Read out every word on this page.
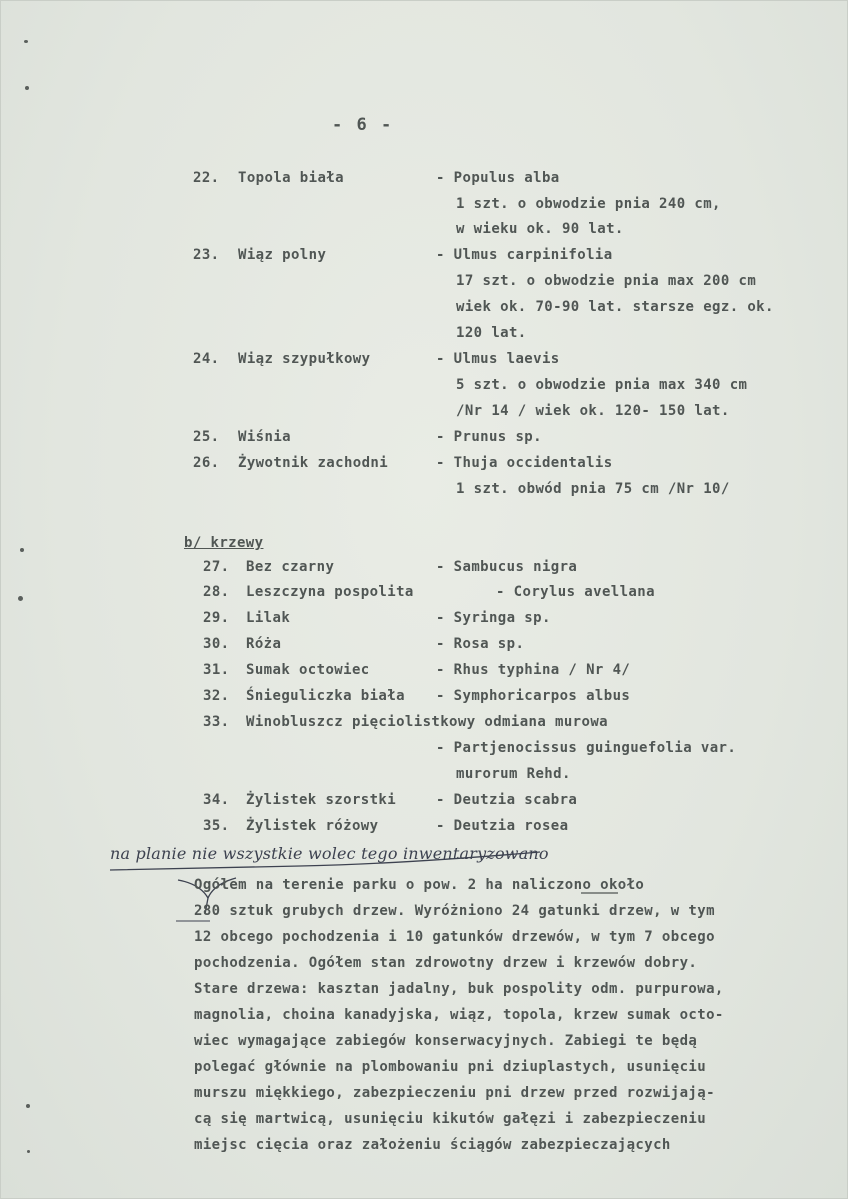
- 6 -
22. Topola biała	- Populus alba
1 szt. o obwodzie pnia 240 cm,
w wieku ok. 90 lat.
23. Wiąz polny	- Ulmus carpinifolia
17 szt. o obwodzie pnia max 200 cm
wiek ok. 70-90 lat. starsze egz. ok.
120 lat.
24. Wiąz szypułkowy	- Ulmus laevis
5 szt. o obwodzie pnia max 340 cm
/Nr 14 / wiek ok. 120- 150 lat.
25. Wiśnia	- Prunus sp.
26. Żywotnik zachodni	- Thuja occidentalis
1 szt. obwód pnia 75 cm /Nr 10/
b/ krzewy
27. Bez czarny	- Sambucus nigra
28. Leszczyna pospolita	- Corylus avellana
29. Lilak	- Syringa sp.
30. Róża	- Rosa sp.
31. Sumak octowiec	- Rhus typhina / Nr 4/
32. Śnieguliczka biała - Symphoricarpos albus
33. Winobluszcz pięciolistkowy odmiana murowa
- Partjenocissus guinguefolia var.
murorum Rehd.
34. Żylistek szorstki	- Deutzia scabra
35. Żylistek różowy	- Deutzia rosea
na planie nie wszystkie wolec tego inwentaryzowano
Ogółem na terenie parku o pow. 2 ha naliczono około
280 sztuk grubych drzew. Wyróżniono 24 gatunki drzew, w tym
12 obcego pochodzenia i 10 gatunków drzewów, w tym 7 obcego
pochodzenia. Ogółem stan zdrowotny drzew i krzewów dobry.
Stare drzewa: kasztan jadalny, buk pospolity odm. purpurowa,
magnolia, choina kanadyjska, wiąz, topola, krzew sumak octo-
wiec wymagające zabiegów konserwacyjnych. Zabiegi te będą
polegać głównie na plombowaniu pni dziuplastych, usunięciu
murszu miękkiego, zabezpieczeniu pni drzew przed rozwijają-
cą się martwicą, usunięciu kikutów gałęzi i zabezpieczeniu
miejsc cięcia oraz założeniu ściągów zabezpieczających
